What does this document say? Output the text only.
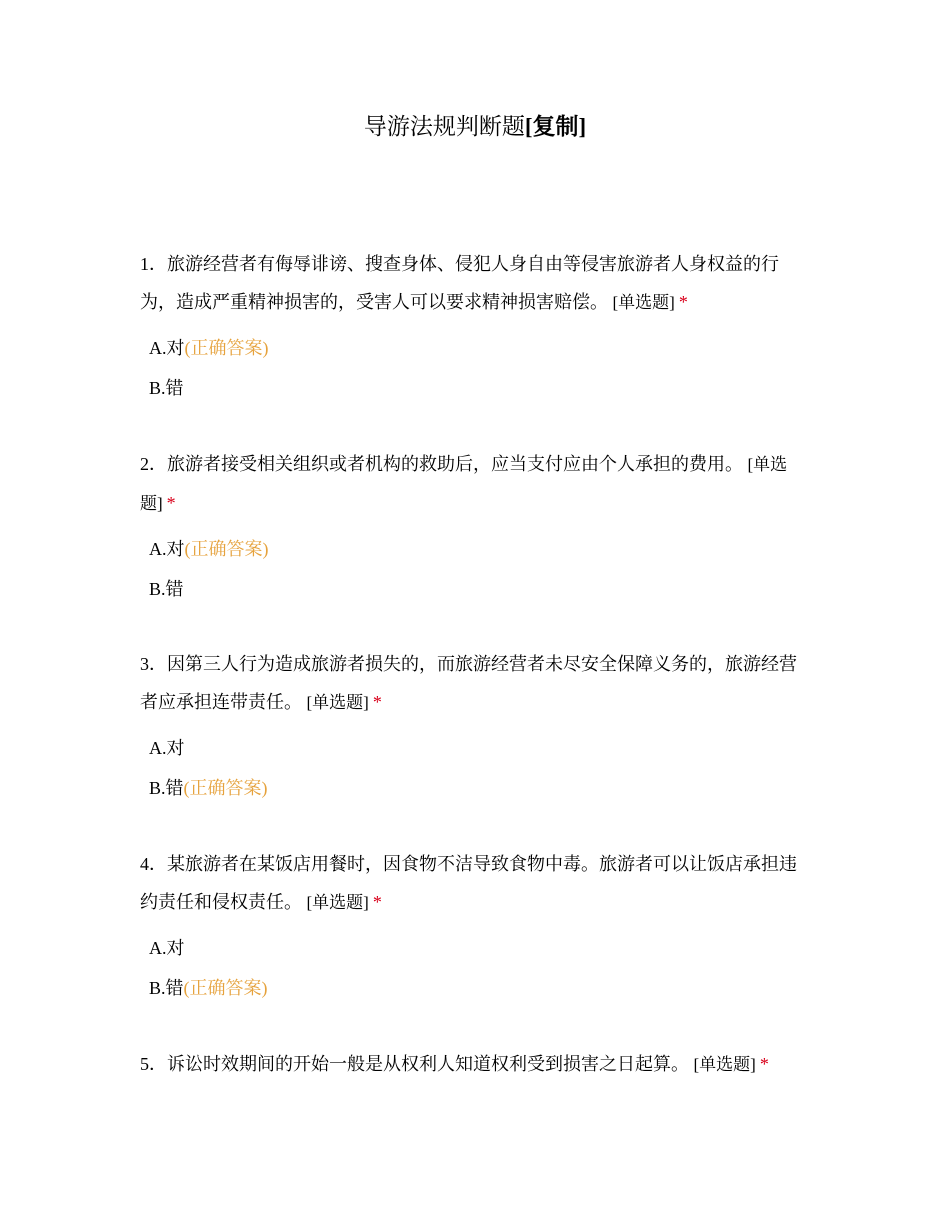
导游法规判断题[复制]

1．旅游经营者有侮辱诽谤、搜查身体、侵犯人身自由等侵害旅游者人身权益的行为，造成严重精神损害的，受害人可以要求精神损害赔偿。 [单选题] *

A.对(正确答案)
B.错

2．旅游者接受相关组织或者机构的救助后，应当支付应由个人承担的费用。 [单选题] *

A.对(正确答案)
B.错

3．因第三人行为造成旅游者损失的，而旅游经营者未尽安全保障义务的，旅游经营者应承担连带责任。 [单选题] *

A.对
B.错(正确答案)

4．某旅游者在某饭店用餐时，因食物不洁导致食物中毒。旅游者可以让饭店承担违约责任和侵权责任。 [单选题] *

A.对
B.错(正确答案)

5．诉讼时效期间的开始一般是从权利人知道权利受到损害之日起算。 [单选题] *
